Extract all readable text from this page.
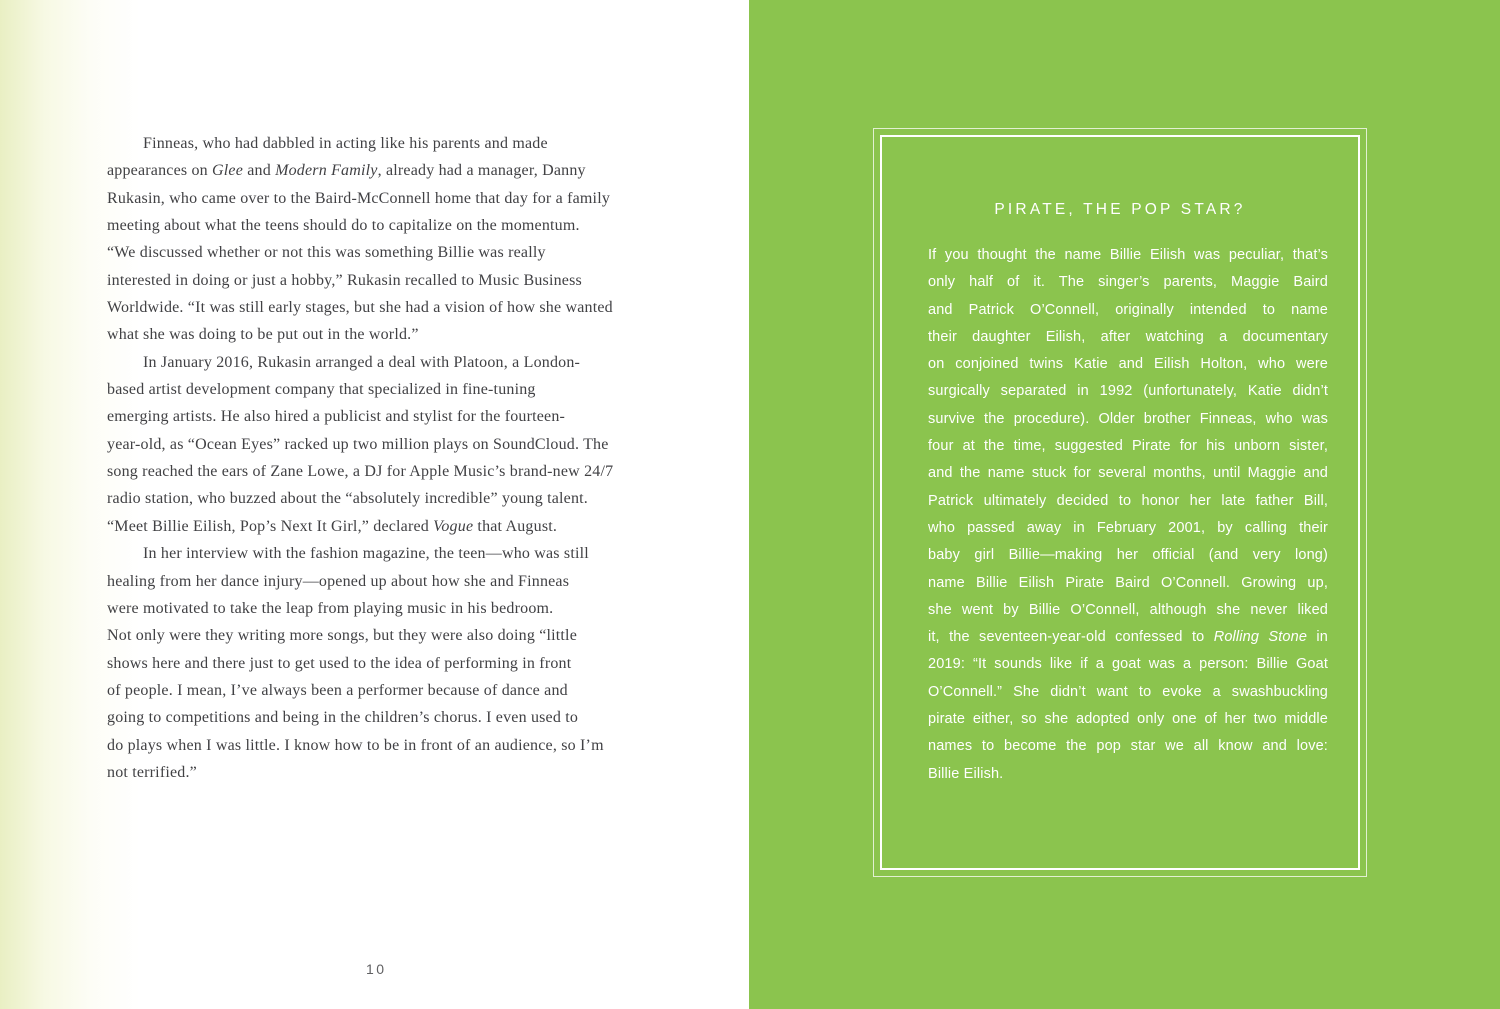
Finneas, who had dabbled in acting like his parents and made
appearances on Glee and Modern Family, already had a manager, Danny
Rukasin, who came over to the Baird-McConnell home that day for a family
meeting about what the teens should do to capitalize on the momentum.
“We discussed whether or not this was something Billie was really
interested in doing or just a hobby,” Rukasin recalled to Music Business
Worldwide. “It was still early stages, but she had a vision of how she wanted
what she was doing to be put out in the world.”
In January 2016, Rukasin arranged a deal with Platoon, a London-
based artist development company that specialized in fine-tuning
emerging artists. He also hired a publicist and stylist for the fourteen-
year-old, as “Ocean Eyes” racked up two million plays on SoundCloud. The
song reached the ears of Zane Lowe, a DJ for Apple Music’s brand-new 24/7
radio station, who buzzed about the “absolutely incredible” young talent.
“Meet Billie Eilish, Pop’s Next It Girl,” declared Vogue that August.
In her interview with the fashion magazine, the teen—who was still
healing from her dance injury—opened up about how she and Finneas
were motivated to take the leap from playing music in his bedroom.
Not only were they writing more songs, but they were also doing “little
shows here and there just to get used to the idea of performing in front
of people. I mean, I’ve always been a performer because of dance and
going to competitions and being in the children’s chorus. I even used to
do plays when I was little. I know how to be in front of an audience, so I’m
not terrified.”
10
PIRATE, THE POP STAR?
If you thought the name Billie Eilish was peculiar, that’s
only half of it. The singer’s parents, Maggie Baird
and Patrick O’Connell, originally intended to name
their daughter Eilish, after watching a documentary
on conjoined twins Katie and Eilish Holton, who were
surgically separated in 1992 (unfortunately, Katie didn’t
survive the procedure). Older brother Finneas, who was
four at the time, suggested Pirate for his unborn sister,
and the name stuck for several months, until Maggie and
Patrick ultimately decided to honor her late father Bill,
who passed away in February 2001, by calling their
baby girl Billie—making her official (and very long)
name Billie Eilish Pirate Baird O’Connell. Growing up,
she went by Billie O’Connell, although she never liked
it, the seventeen-year-old confessed to Rolling Stone in
2019: “It sounds like if a goat was a person: Billie Goat
O’Connell.” She didn’t want to evoke a swashbuckling
pirate either, so she adopted only one of her two middle
names to become the pop star we all know and love:
Billie Eilish.
